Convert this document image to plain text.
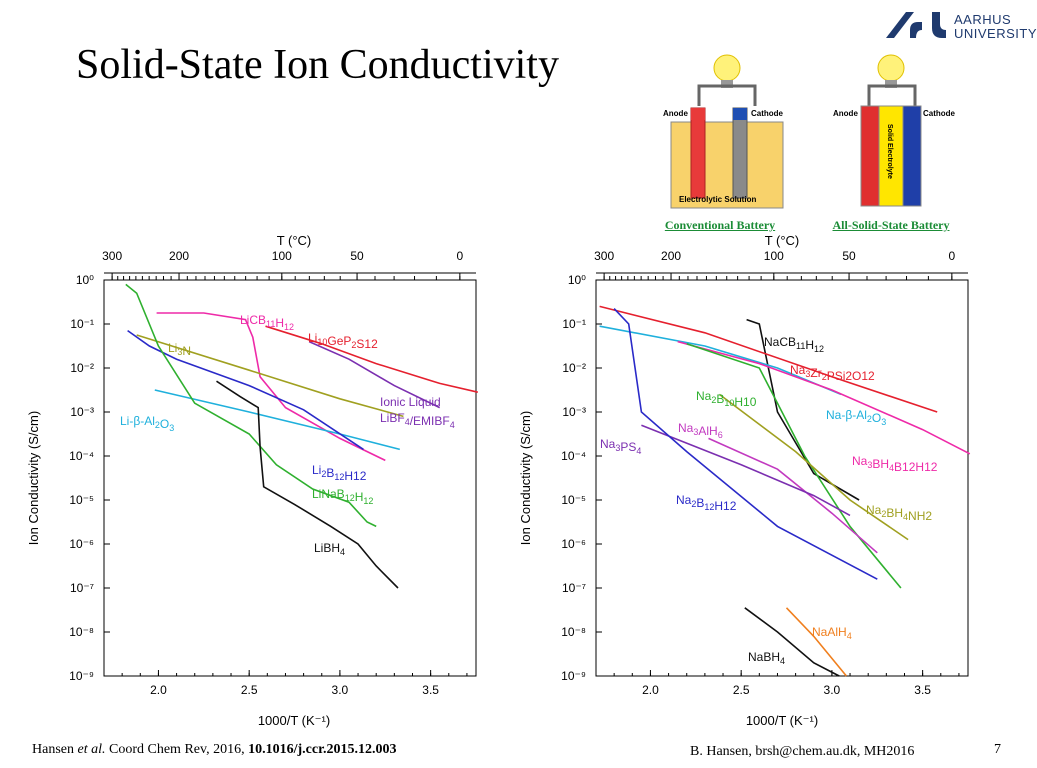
Solid-State Ion Conductivity
AARHUS
UNIVERSITY
Anode	Cathode
Electrolytic Solution
Conventional Battery
Anode	Cathode
Solid Electrolyte
All-Solid-State Battery
10⁰
10⁻¹
10⁻²
10⁻³
10⁻⁴
10⁻⁵
10⁻⁶
10⁻⁷
10⁻⁸
10⁻⁹
2.0	2.5	3.0	3.5
300	200	100	50	0
T (°C)
1000/T (K⁻¹)
Ion Conductivity (S/cm)
$LiCB_{11}H_{12}$
$Li_{10}GeP_2S12$
$Li_3N$
Ionic Liquid
$LiBF_4/EMIBF_4$
$Li-\beta-Al_2O_3$
$Li_2B_{12}H12$
$LiNaB_{12}H_{12}$
LiBH$_4$
10⁰
10⁻¹
10⁻²
10⁻³
10⁻⁴
10⁻⁵
10⁻⁶
10⁻⁷
10⁻⁸
10⁻⁹
2.0	2.5	3.0	3.5
300	200	100	50	0
T (°C)
1000/T (K⁻¹)
Ion Conductivity (S/cm)
$NaCB_{11}H_{12}$
$Na_3Zr_2PSi2O12$
$Na_2B_{10}H10$
$Na-\beta-Al_2O_3$
$Na_3AlH_6$
$Na_3PS_4$
$Na_3BH_4B12H12$
$Na_2B_{12}H12$	$Na_2BH_4NH2$
NaAlH$_4$
NaBH$_4$
Hansen et al. Coord Chem Rev, 2016, 10.1016/j.ccr.2015.12.003	B. Hansen, brsh@chem.au.dk, MH2016	7
